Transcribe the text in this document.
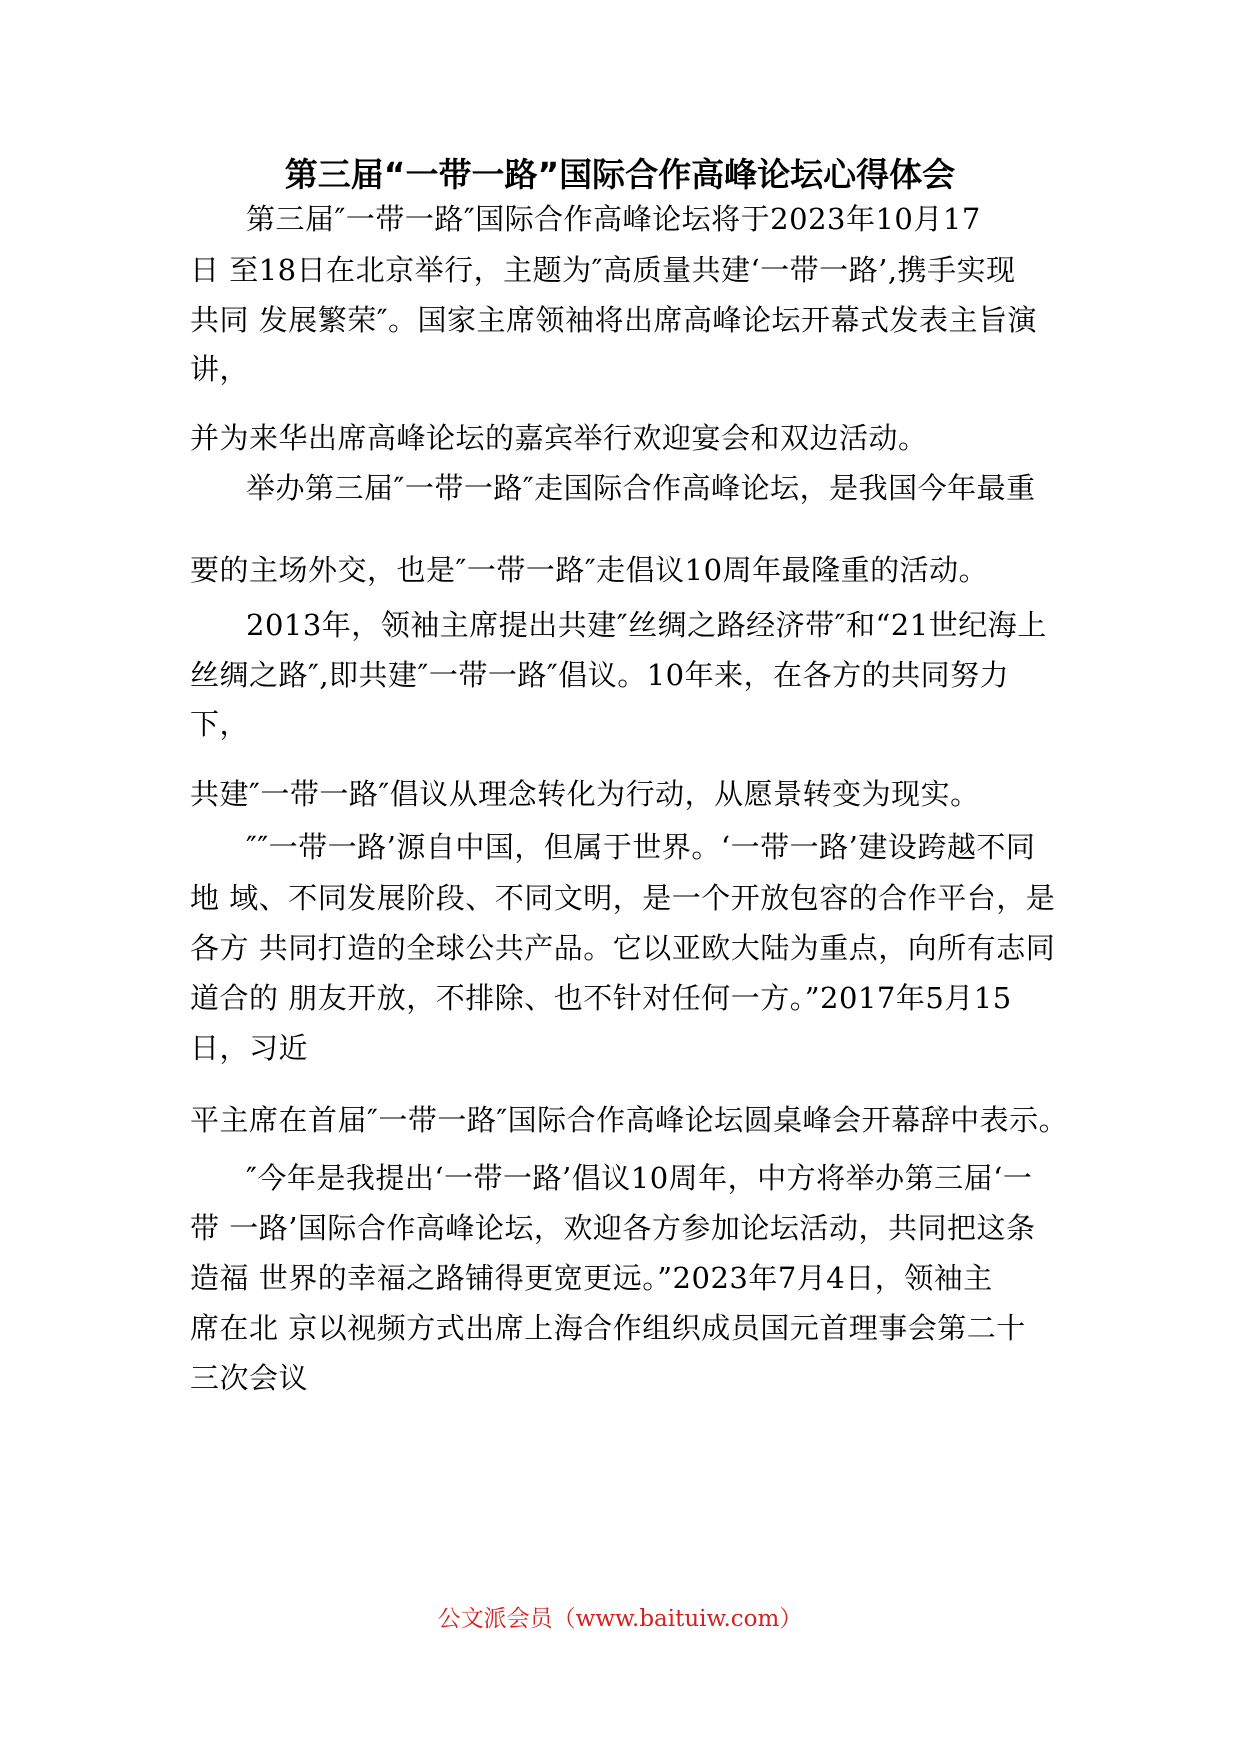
第三届“一带一路”国际合作高峰论坛心得体会
第三届″一带一路″国际合作高峰论坛将于2023年10月17
日 至18日在北京举行，主题为″高质量共建‘一带一路’,携手实现
共同 发展繁荣″。国家主席领袖将出席高峰论坛开幕式发表主旨演
讲，
并为来华出席高峰论坛的嘉宾举行欢迎宴会和双边活动。
举办第三届″一带一路″走国际合作高峰论坛，是我国今年最重
要的主场外交，也是″一带一路″走倡议10周年最隆重的活动。
2013年，领袖主席提出共建″丝绸之路经济带″和“21世纪海上
丝绸之路″,即共建″一带一路″倡议。10年来，在各方的共同努力
下，
共建″一带一路″倡议从理念转化为行动，从愿景转变为现实。
″″一带一路’源自中国，但属于世界。‘一带一路’建设跨越不同
地 域、不同发展阶段、不同文明，是一个开放包容的合作平台，是
各方 共同打造的全球公共产品。它以亚欧大陆为重点，向所有志同
道合的 朋友开放，不排除、也不针对任何一方。”2017年5月15
日，习近
平主席在首届″一带一路″国际合作高峰论坛圆桌峰会开幕辞中表示。
″今年是我提出‘一带一路’倡议10周年，中方将举办第三届‘一
带 一路’国际合作高峰论坛，欢迎各方参加论坛活动，共同把这条
造福 世界的幸福之路铺得更宽更远。”2023年7月4日，领袖主
席在北 京以视频方式出席上海合作组织成员国元首理事会第二十
三次会议
公文派会员（www.baituiw.com）
